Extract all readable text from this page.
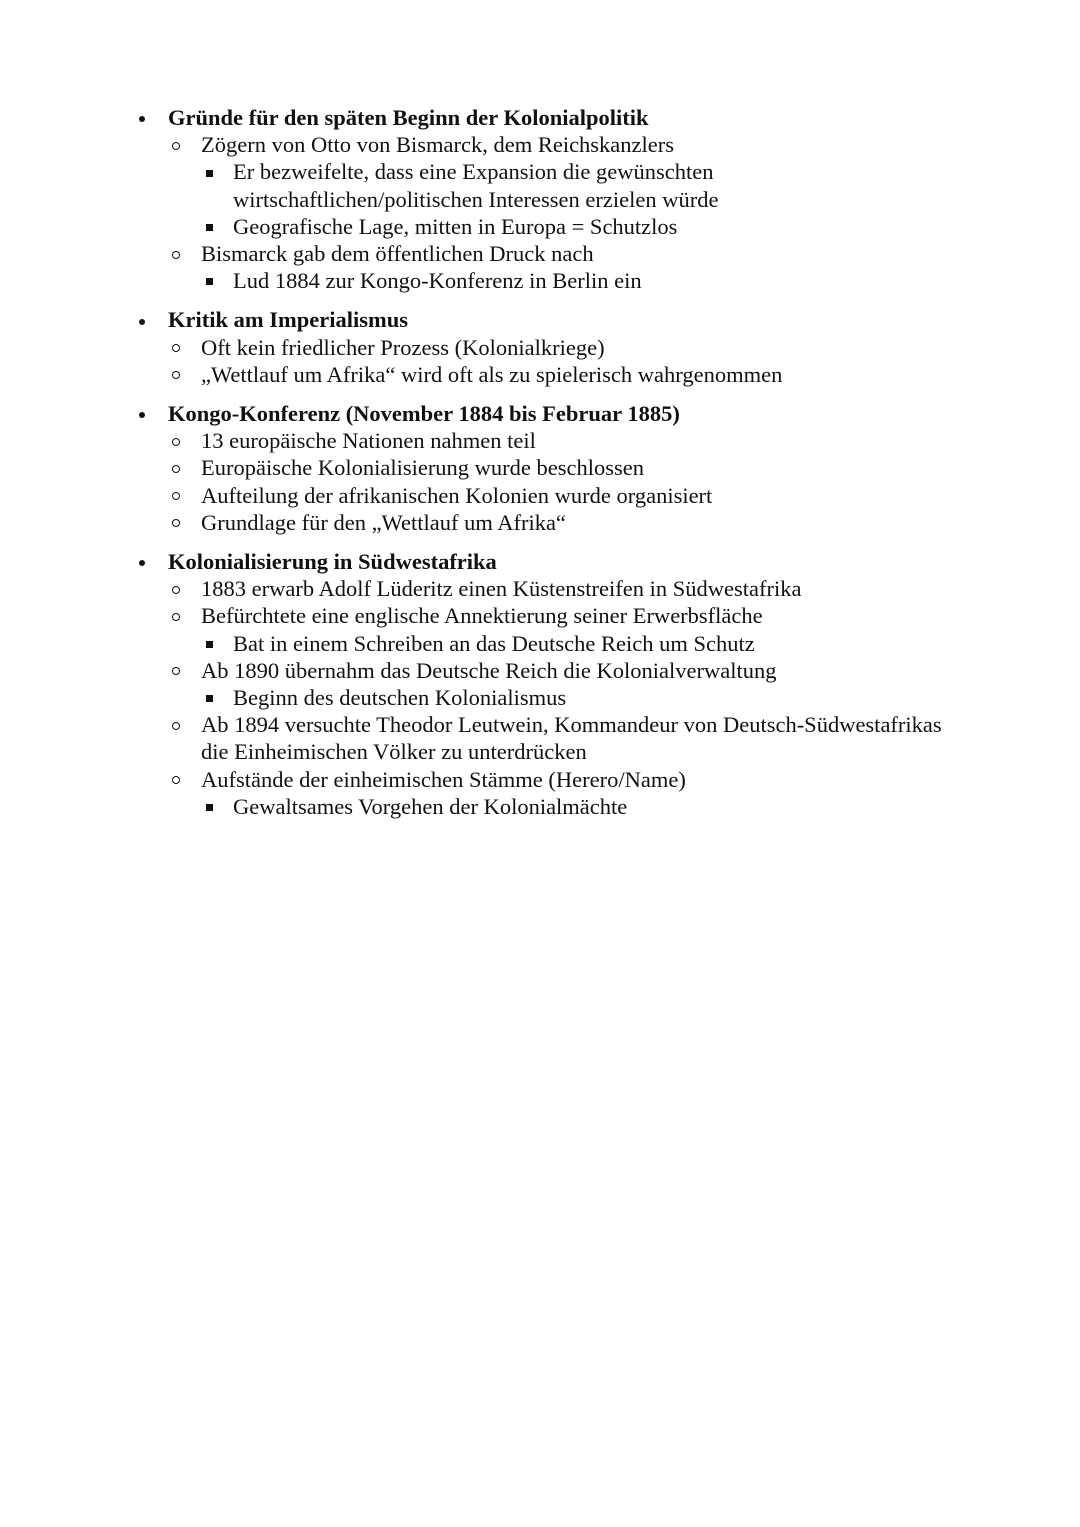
Gründe für den späten Beginn der Kolonialpolitik
Zögern von Otto von Bismarck, dem Reichskanzlers
Er bezweifelte, dass eine Expansion die gewünschten
wirtschaftlichen/politischen Interessen erzielen würde
Geografische Lage, mitten in Europa = Schutzlos
Bismarck gab dem öffentlichen Druck nach
Lud 1884 zur Kongo-Konferenz in Berlin ein
Kritik am Imperialismus
Oft kein friedlicher Prozess (Kolonialkriege)
„Wettlauf um Afrika“ wird oft als zu spielerisch wahrgenommen
Kongo-Konferenz (November 1884 bis Februar 1885)
13 europäische Nationen nahmen teil
Europäische Kolonialisierung wurde beschlossen
Aufteilung der afrikanischen Kolonien wurde organisiert
Grundlage für den „Wettlauf um Afrika“
Kolonialisierung in Südwestafrika
1883 erwarb Adolf Lüderitz einen Küstenstreifen in Südwestafrika
Befürchtete eine englische Annektierung seiner Erwerbsfläche
Bat in einem Schreiben an das Deutsche Reich um Schutz
Ab 1890 übernahm das Deutsche Reich die Kolonialverwaltung
Beginn des deutschen Kolonialismus
Ab 1894 versuchte Theodor Leutwein, Kommandeur von Deutsch-Südwestafrikas
die Einheimischen Völker zu unterdrücken
Aufstände der einheimischen Stämme (Herero/Name)
Gewaltsames Vorgehen der Kolonialmächte
